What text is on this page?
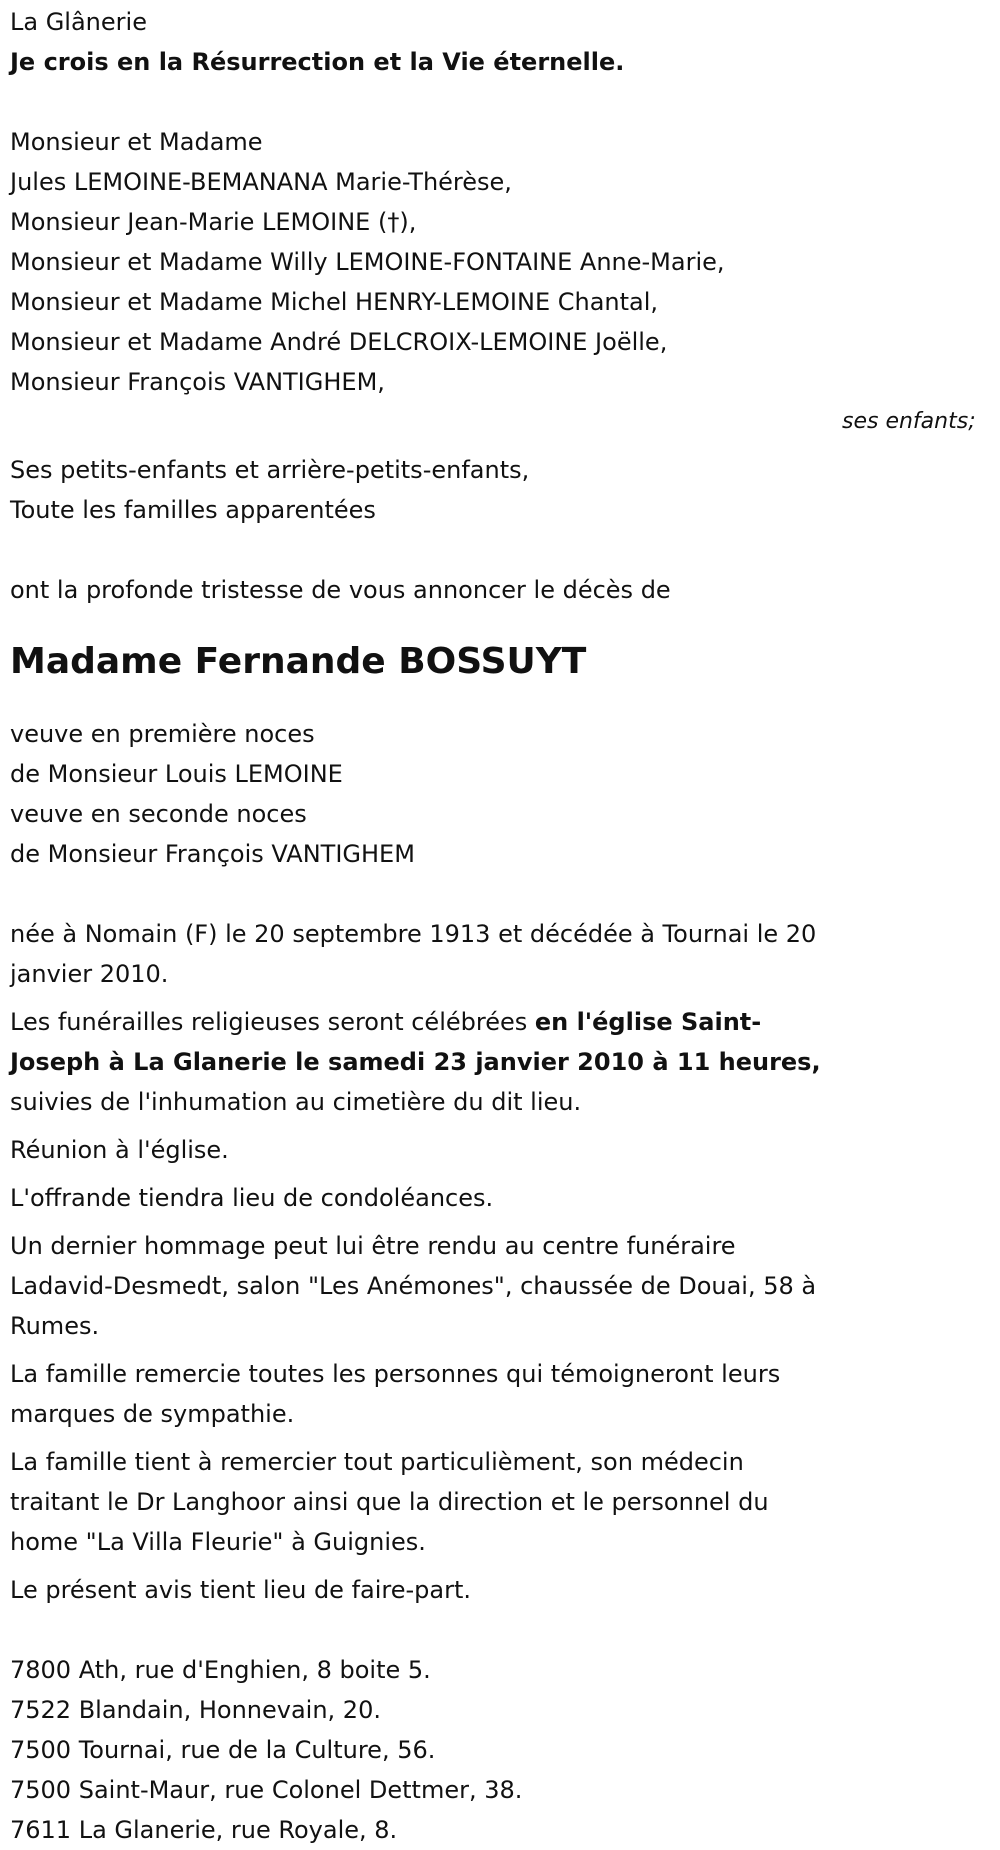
La Glânerie
Je crois en la Résurrection et la Vie éternelle.
Monsieur et Madame
Jules LEMOINE-BEMANANA Marie-Thérèse,
Monsieur Jean-Marie LEMOINE (†),
Monsieur et Madame Willy LEMOINE-FONTAINE Anne-Marie,
Monsieur et Madame Michel HENRY-LEMOINE Chantal,
Monsieur et Madame André DELCROIX-LEMOINE Joëlle,
Monsieur François VANTIGHEM,
ses enfants;
Ses petits-enfants et arrière-petits-enfants,
Toute les familles apparentées
ont la profonde tristesse de vous annoncer le décès de
Madame Fernande BOSSUYT
veuve en première noces
de Monsieur Louis LEMOINE
veuve en seconde noces
de Monsieur François VANTIGHEM
née à Nomain (F) le 20 septembre 1913 et décédée à Tournai le 20 janvier 2010.

Les funérailles religieuses seront célébrées en l'église Saint-Joseph à La Glanerie le samedi 23 janvier 2010 à 11 heures, suivies de l'inhumation au cimetière du dit lieu.

Réunion à l'église.
L'offrande tiendra lieu de condoléances.
Un dernier hommage peut lui être rendu au centre funéraire Ladavid-Desmedt, salon "Les Anémones", chaussée de Douai, 58 à Rumes.
La famille remercie toutes les personnes qui témoigneront leurs marques de sympathie.
La famille tient à remercier tout particulièment, son médecin traitant le Dr Langhoor ainsi que la direction et le personnel du home "La Villa Fleurie" à Guignies.
Le présent avis tient lieu de faire-part.
7800 Ath, rue d'Enghien, 8 boite 5.
7522 Blandain, Honnevain, 20.
7500 Tournai, rue de la Culture, 56.
7500 Saint-Maur, rue Colonel Dettmer, 38.
7611 La Glanerie, rue Royale, 8.
